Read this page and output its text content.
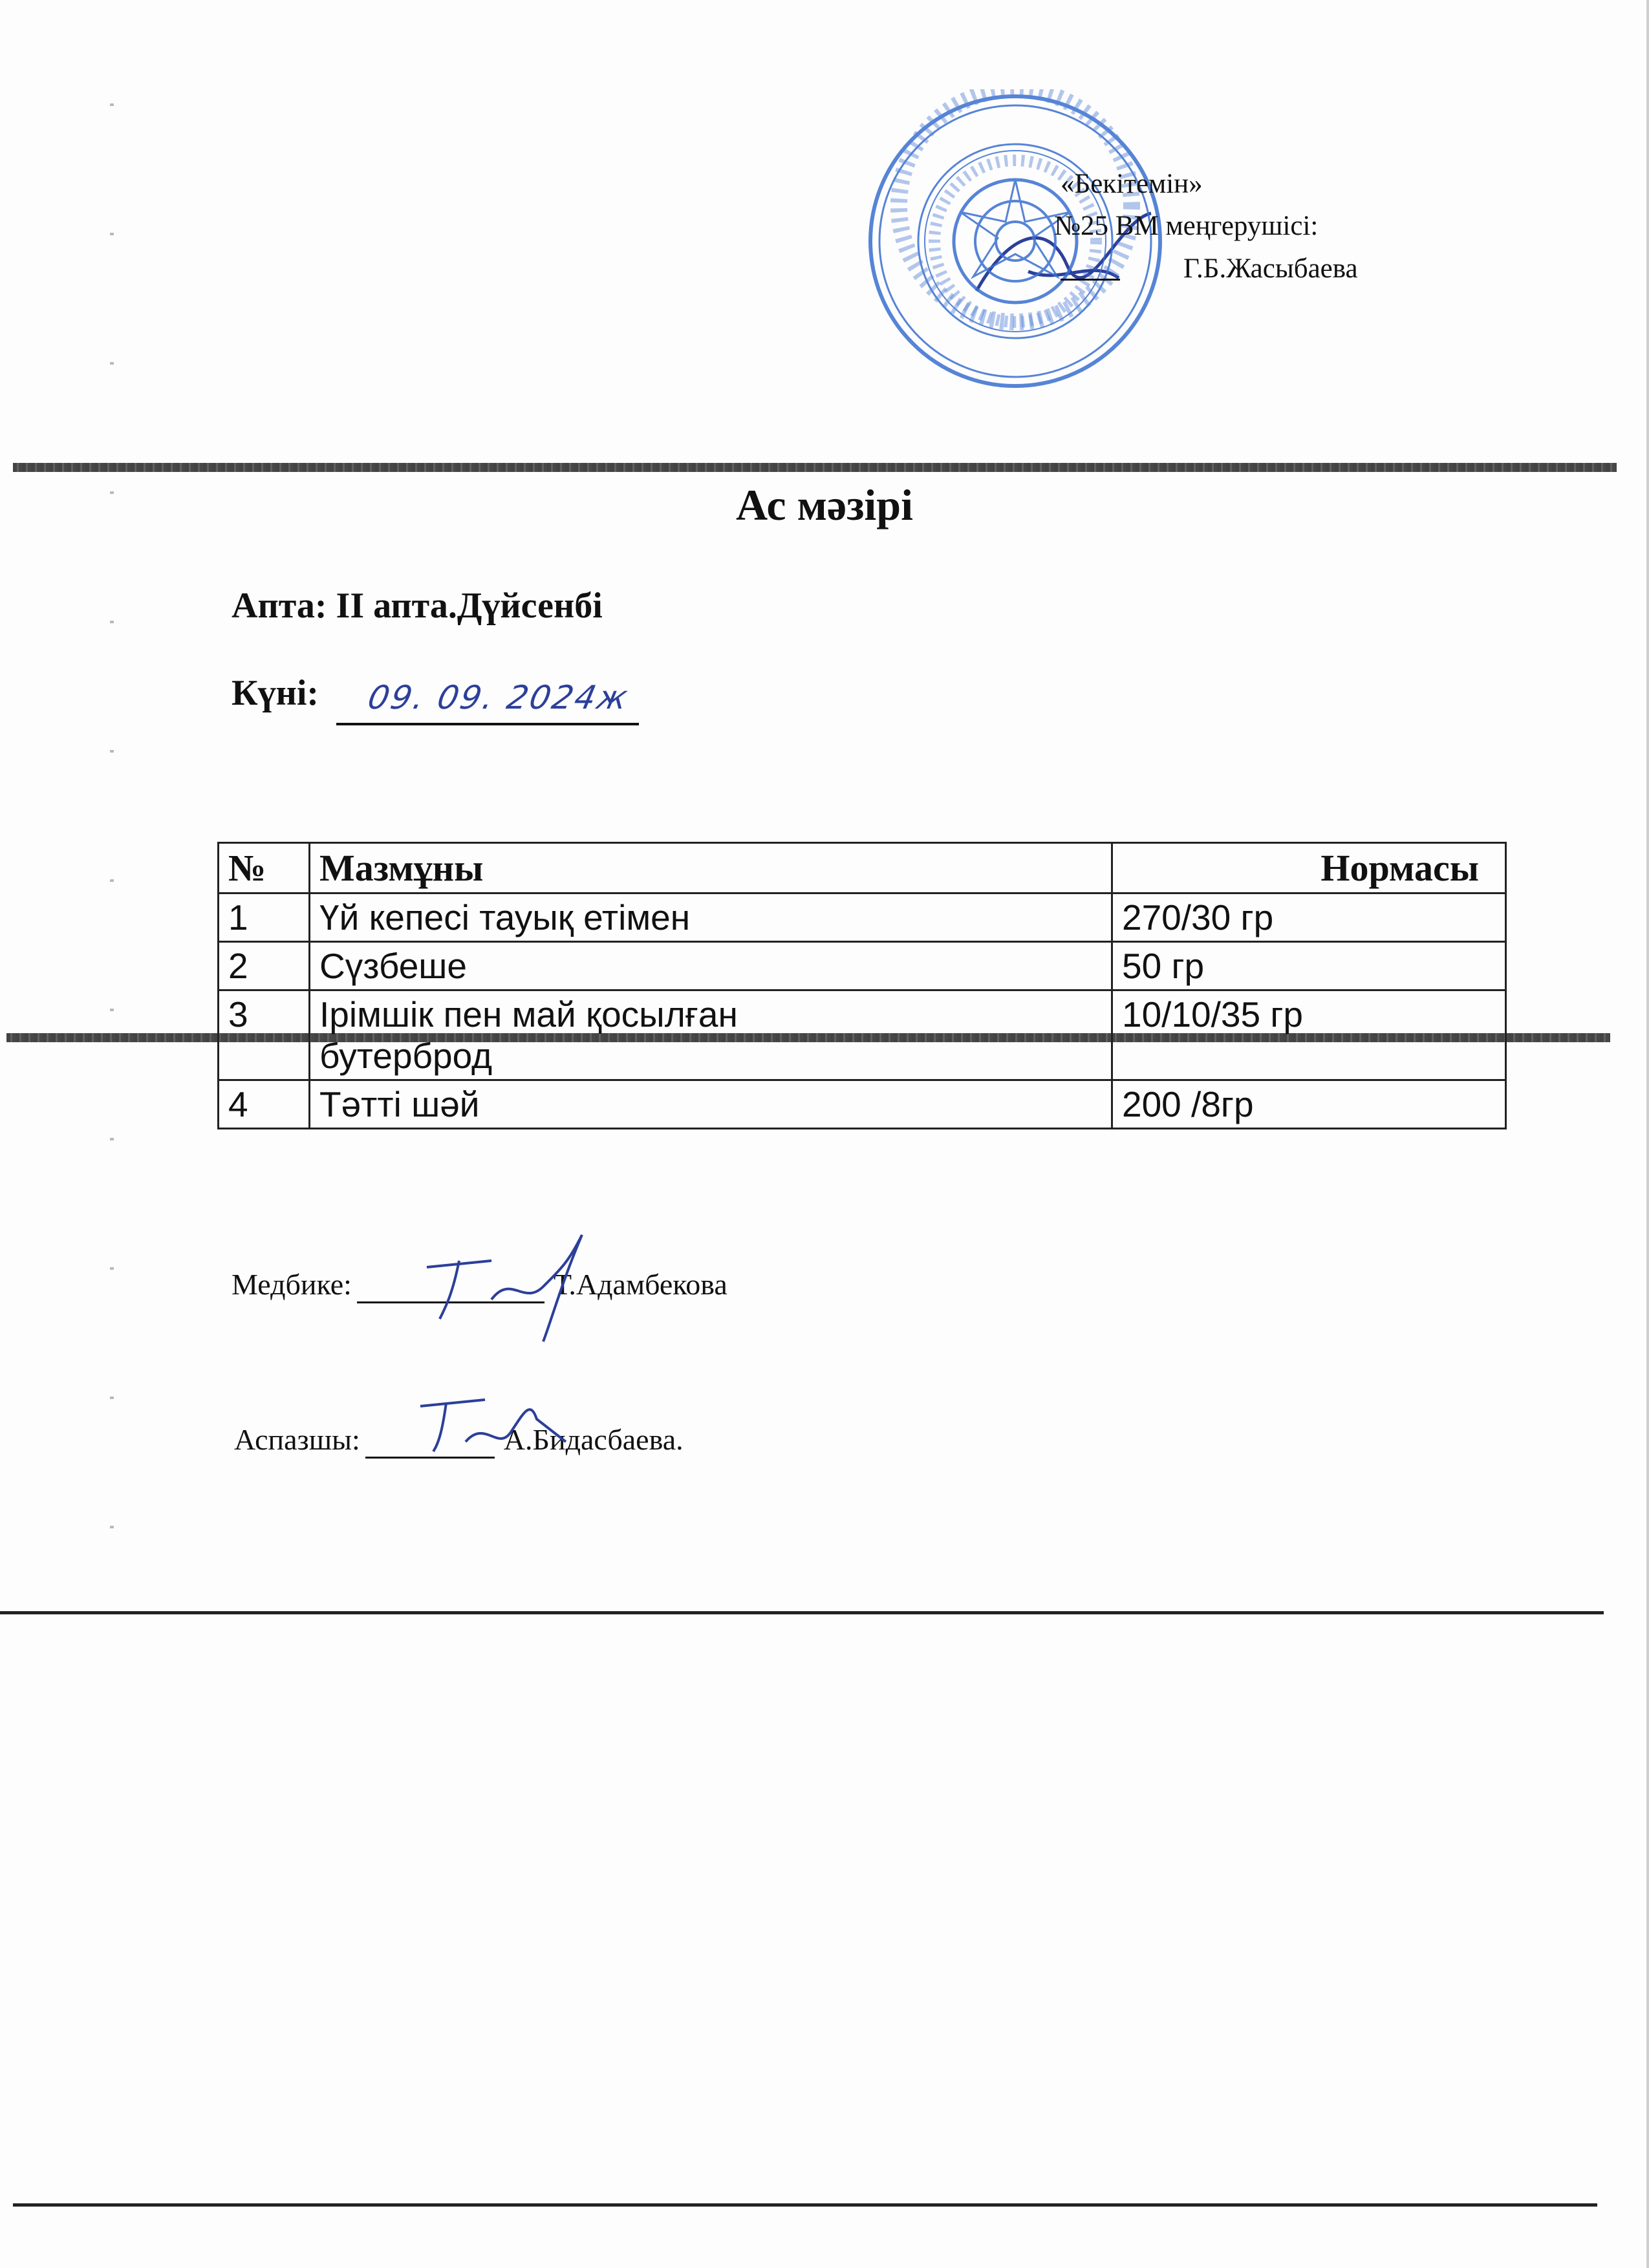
«Бекітемін»
№25 ВМ меңгерушісі:
Г.Б.Жасыбаева
Ас мәзірі
Апта: II апта.Дүйсенбі
Күні: 09. 09. 2024ж
№	Мазмұны	Нормасы
1	Үй кепесі тауық етімен	270/30 гр
2	Сүзбеше	50 гр
3	Ірімшік пен май қосылған бутерброд	10/10/35 гр
4	Тәтті шәй	200 /8гр
Медбике:	Т.Адамбекова
Аспазшы:	А.Бидасбаева.
